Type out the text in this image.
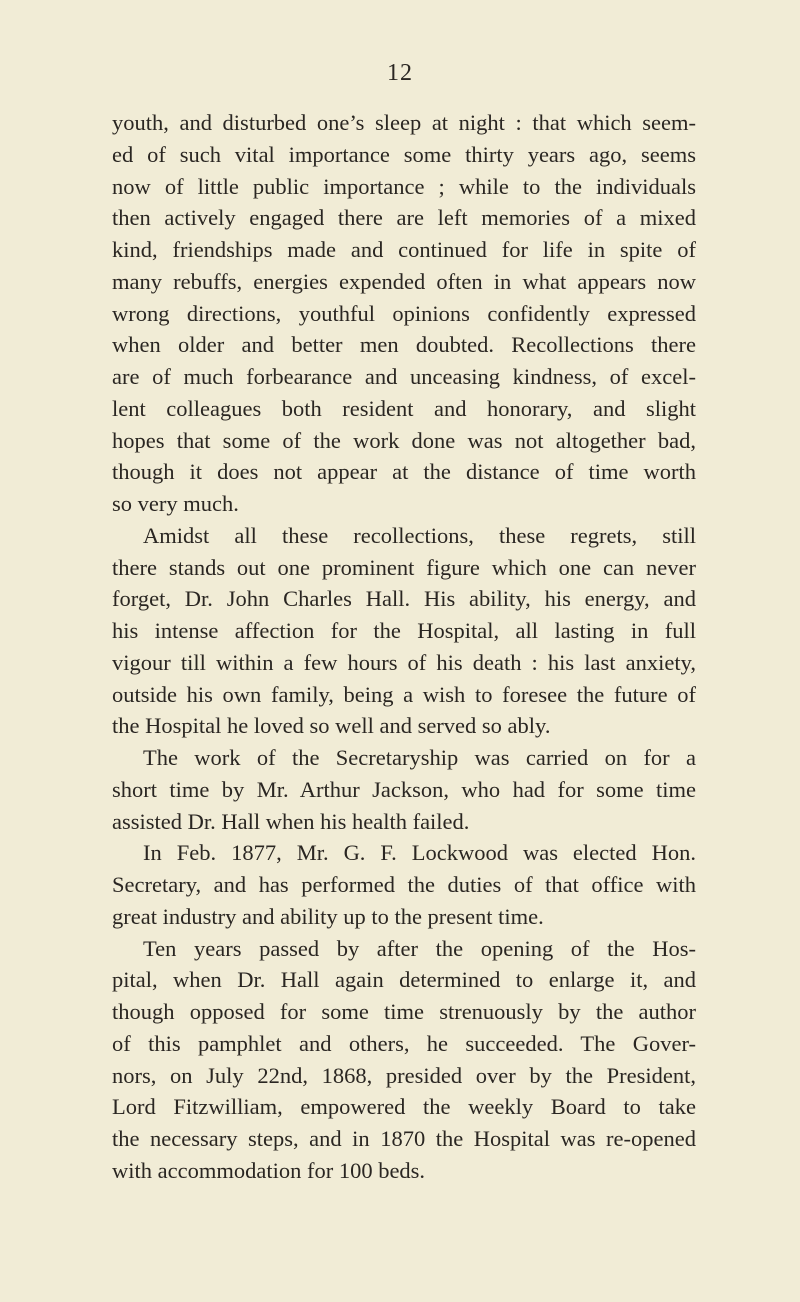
12
youth, and disturbed one’s sleep at night : that which seem-
ed of such vital importance some thirty years ago, seems
now of little public importance ; while to the individuals
then actively engaged there are left memories of a mixed
kind, friendships made and continued for life in spite of
many rebuffs, energies expended often in what appears now
wrong directions, youthful opinions confidently expressed
when older and better men doubted. Recollections there
are of much forbearance and unceasing kindness, of excel-
lent colleagues both resident and honorary, and slight
hopes that some of the work done was not altogether bad,
though it does not appear at the distance of time worth
so very much.
Amidst all these recollections, these regrets, still
there stands out one prominent figure which one can never
forget, Dr. John Charles Hall. His ability, his energy, and
his intense affection for the Hospital, all lasting in full
vigour till within a few hours of his death : his last anxiety,
outside his own family, being a wish to foresee the future of
the Hospital he loved so well and served so ably.
The work of the Secretaryship was carried on for a
short time by Mr. Arthur Jackson, who had for some time
assisted Dr. Hall when his health failed.
In Feb. 1877, Mr. G. F. Lockwood was elected Hon.
Secretary, and has performed the duties of that office with
great industry and ability up to the present time.
Ten years passed by after the opening of the Hos-
pital, when Dr. Hall again determined to enlarge it, and
though opposed for some time strenuously by the author
of this pamphlet and others, he succeeded. The Gover-
nors, on July 22nd, 1868, presided over by the President,
Lord Fitzwilliam, empowered the weekly Board to take
the necessary steps, and in 1870 the Hospital was re-opened
with accommodation for 100 beds.
